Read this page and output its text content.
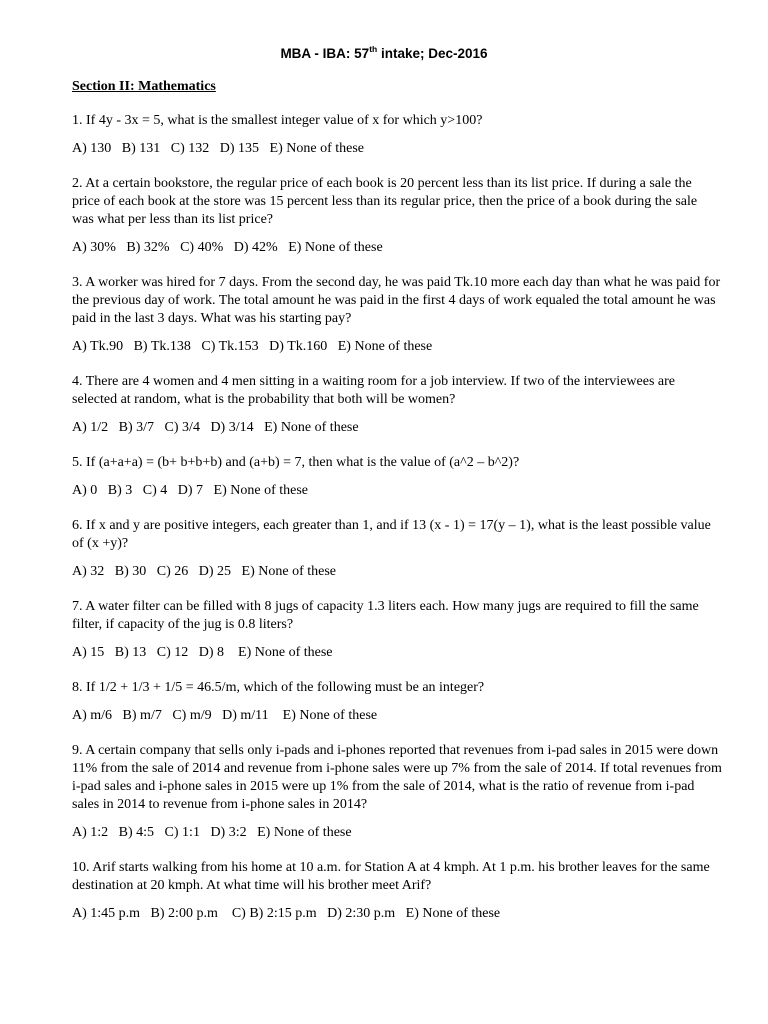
MBA - IBA: 57th intake; Dec-2016
Section II: Mathematics
1. If 4y - 3x = 5, what is the smallest integer value of x for which y>100?
A) 130   B) 131   C) 132   D) 135   E) None of these
2. At a certain bookstore, the regular price of each book is 20 percent less than its list price. If during a sale the price of each book at the store was 15 percent less than its regular price, then the price of a book during the sale was what per less than its list price?
A) 30%   B) 32%   C) 40%   D) 42%   E) None of these
3. A worker was hired for 7 days. From the second day, he was paid Tk.10 more each day than what he was paid for the previous day of work. The total amount he was paid in the first 4 days of work equaled the total amount he was paid in the last 3 days. What was his starting pay?
A) Tk.90   B) Tk.138   C) Tk.153   D) Tk.160   E) None of these
4. There are 4 women and 4 men sitting in a waiting room for a job interview. If two of the interviewees are selected at random, what is the probability that both will be women?
A) 1/2   B) 3/7   C) 3/4   D) 3/14   E) None of these
5. If (a+a+a) = (b+ b+b+b) and (a+b) = 7, then what is the value of (a^2 – b^2)?
A) 0   B) 3   C) 4   D) 7   E) None of these
6. If x and y are positive integers, each greater than 1, and if 13 (x - 1) = 17(y – 1), what is the least possible value of (x +y)?
A) 32   B) 30   C) 26   D) 25   E) None of these
7. A water filter can be filled with 8 jugs of capacity 1.3 liters each. How many jugs are required to fill the same filter, if capacity of the jug is 0.8 liters?
A) 15   B) 13   C) 12   D) 8    E) None of these
8. If 1/2 + 1/3 + 1/5 = 46.5/m, which of the following must be an integer?
A) m/6   B) m/7   C) m/9   D) m/11    E) None of these
9. A certain company that sells only i-pads and i-phones reported that revenues from i-pad sales in 2015 were down 11% from the sale of 2014 and revenue from i-phone sales were up 7% from the sale of 2014. If total revenues from i-pad sales and i-phone sales in 2015 were up 1% from the sale of 2014, what is the ratio of revenue from i-pad sales in 2014 to revenue from i-phone sales in 2014?
A) 1:2   B) 4:5   C) 1:1   D) 3:2   E) None of these
10. Arif starts walking from his home at 10 a.m. for Station A at 4 kmph. At 1 p.m. his brother leaves for the same destination at 20 kmph. At what time will his brother meet Arif?
A) 1:45 p.m   B) 2:00 p.m    C) B) 2:15 p.m   D) 2:30 p.m   E) None of these
